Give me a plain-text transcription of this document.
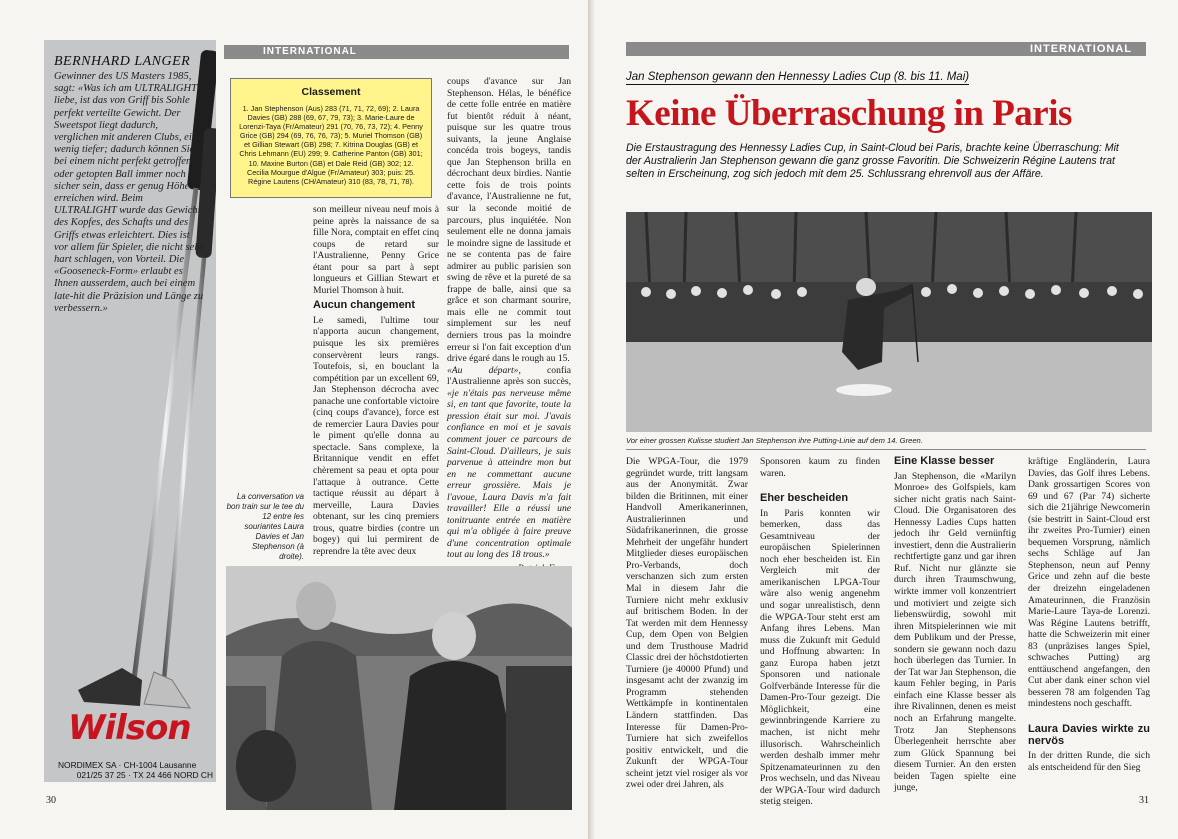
BERNHARD LANGER
Gewinner des US Masters 1985, sagt: «Was ich am ULTRALIGHT liebe, ist das von Griff bis Sohle perfekt verteilte Gewicht. Der Sweetspot liegt dadurch, verglichen mit anderen Clubs, ein wenig tiefer; dadurch können Sie, bei einem nicht perfekt getroffenen oder getopten Ball immer noch sicher sein, dass er genug Höhe erreichen wird. Beim ULTRALIGHT wurde das Gewicht des Kopfes, des Schafts und des Griffs etwas erleichtert. Dies ist vor allem für Spieler, die nicht sehr hart schlagen, von Vorteil. Die «Gooseneck-Form» erlaubt es Ihnen ausserdem, auch bei einem late-hit die Präzision und Länge zu verbessern.»
Wilson
NORDIMEX SA · CH-1004 Lausanne
021/25 37 25 · TX 24 466 NORD CH
INTERNATIONAL
Classement
1. Jan Stephenson (Aus) 283 (71, 71, 72, 69); 2. Laura Davies (GB) 288 (69, 67, 79, 73); 3. Marie-Laure de Lorenzi-Taya (Fr/Amateur) 291 (70, 76, 73, 72); 4. Penny Grice (GB) 294 (69, 76, 76, 73); 5. Muriel Thomson (GB) et Gillian Stewart (GB) 298; 7. Kitrina Douglas (GB) et Chris Lehmann (EU) 299; 9. Catherine Panton (GB) 301; 10. Maxine Burton (GB) et Dale Reid (GB) 302; 12. Cecilia Mourgue d'Algue (Fr/Amateur) 303; puis: 25. Régine Lautens (CH/Amateur) 310 (83, 78, 71, 78).

son meilleur niveau neuf mois à peine après la naissance de sa fille Nora, comptait en effet cinq coups de retard sur l'Australienne, Penny Grice étant pour sa part à sept longueurs et Gillian Stewart et Muriel Thomson à huit.

Aucun changement

Le samedi, l'ultime tour n'apporta aucun changement, puisque les six premières conservèrent leurs rangs. Toutefois, si, en bouclant la compétition par un excellent 69, Jan Stephenson décrocha avec panache une confortable victoire (cinq coups d'avance), force est de remercier Laura Davies pour le piment qu'elle donna au spectacle. Sans complexe, la Britannique vendit en effet chèrement sa peau et opta pour l'attaque à outrance. Cette tactique réussit au départ à merveille, Laura Davies obtenant, sur les cinq premiers trous, quatre birdies (contre un bogey) qui lui permirent de reprendre la tête avec deux

coups d'avance sur Jan Stephenson. Hélas, le bénéfice de cette folle entrée en matière fut bientôt réduit à néant, puisque sur les quatre trous suivants, la jeune Anglaise concéda trois bogeys, tandis que Jan Stephenson brilla en décrochant deux birdies. Nantie cette fois de trois points d'avance, l'Australienne ne fut, sur la seconde moitié de parcours, plus inquiétée. Non seulement elle ne donna jamais le moindre signe de lassitude et ne se contenta pas de faire admirer au public parisien son swing de rêve et la pureté de sa frappe de balle, ainsi que sa grâce et son charmant sourire, mais elle ne commit tout simplement sur les neuf derniers trous pas la moindre erreur si l'on fait exception d'un drive égaré dans le rough au 15.

«Au départ», confia l'Australienne après son succès, «je n'étais pas nerveuse même si, en tant que favorite, toute la pression était sur moi. J'avais confiance en moi et je savais comment jouer ce parcours de Saint-Cloud. D'ailleurs, je suis parvenue à atteindre mon but en ne commettant aucune erreur grossière. Mais je l'avoue, Laura Davis m'a fait travailler! Elle a réussi une tonitruante entrée en matière qui m'a obligée à faire preuve d'une concentration optimale tout au long des 18 trous.»

La conversation va bon train sur le tee du 12 entre les souriantes Laura Davies et Jan Stephenson (à droite).
30
INTERNATIONAL
Jan Stephenson gewann den Hennessy Ladies Cup (8. bis 11. Mai)
Keine Überraschung in Paris
Die Erstaustragung des Hennessy Ladies Cup, in Saint-Cloud bei Paris, brachte keine Überraschung: Mit der Australierin Jan Stephenson gewann die ganz grosse Favoritin. Die Schweizerin Régine Lautens trat selten in Erscheinung, zog sich jedoch mit dem 25. Schlussrang ehrenvoll aus der Affäre.
Vor einer grossen Kulisse studiert Jan Stephenson ihre Putting-Linie auf dem 14. Green.

Die WPGA-Tour, die 1979 gegründet wurde, tritt langsam aus der Anonymität. Zwar bilden die Britinnen, mit einer Handvoll Amerikanerinnen, Australierinnen und Südafrikanerinnen, die grosse Mehrheit der ungefähr hundert Mitglieder dieses europäischen Pro-Verbands, doch verschanzen sich zum ersten Mal in diesem Jahr die Turniere nicht mehr exklusiv auf britischem Boden. In der Tat werden mit dem Hennessy Cup, dem Open von Belgien und dem Trusthouse Madrid Classic drei der höchstdotierten Turniere (je 40000 Pfund) und insgesamt acht der zwanzig im Programm stehenden Wettkämpfe in kontinentalen Ländern stattfinden. Das Interesse für Damen-Pro-Turniere hat sich zweifellos positiv entwickelt, und die Zukunft der WPGA-Tour scheint jetzt viel rosiger als vor zwei oder drei Jahren, als

Sponsoren kaum zu finden waren.

Eher bescheiden

In Paris konnten wir bemerken, dass das Gesamtniveau der europäischen Spielerinnen noch eher bescheiden ist. Ein Vergleich mit der amerikanischen LPGA-Tour wäre also wenig angenehm und sogar unrealistisch, denn die WPGA-Tour steht erst am Anfang ihres Lebens. Man muss die Zukunft mit Geduld und Hoffnung abwarten: In ganz Europa haben jetzt Sponsoren und nationale Golfverbände Interesse für die Damen-Pro-Tour gezeigt. Die Möglichkeit, eine gewinnbringende Karriere zu machen, ist nicht mehr illusorisch. Wahrscheinlich werden deshalb immer mehr Spitzenamateurinnen zu den Pros wechseln, und das Niveau der WPGA-Tour wird dadurch stetig steigen.

Eine Klasse besser

Jan Stephenson, die «Marilyn Monroe» des Golfspiels, kam sicher nicht gratis nach Saint-Cloud. Die Organisatoren des Hennessy Ladies Cups hatten jedoch ihr Geld vernünftig investiert, denn die Australierin rechtfertigte ganz und gar ihren Ruf. Nicht nur glänzte sie durch ihren Traumschwung, wirkte immer voll konzentriert und motiviert und zeigte sich liebenswürdig, sowohl mit ihren Mitspielerinnen wie mit dem Publikum und der Presse, sondern sie gewann noch dazu hoch überlegen das Turnier. In der Tat war Jan Stephenson, die kaum Fehler beging, in Paris einfach eine Klasse besser als ihre Rivalinnen, denen es meist noch an Erfahrung mangelte. Trotz Jan Stephensons Überlegenheit herrschte aber zum Glück Spannung bei diesem Turnier. An den ersten beiden Tagen spielte eine junge,

kräftige Engländerin, Laura Davies, das Golf ihres Lebens. Dank grossartigen Scores von 69 und 67 (Par 74) sicherte sich die 21jährige Newcomerin (sie bestritt in Saint-Cloud erst ihr zweites Pro-Turnier) einen bequemen Vorsprung, nämlich sechs Schläge auf Jan Stephenson, neun auf Penny Grice und zehn auf die beste der dreizehn eingeladenen Amateurinnen, die Französin Marie-Laure Taya-de Lorenzi. Was Régine Lautens betrifft, hatte die Schweizerin mit einer 83 (unpräzises langes Spiel, schwaches Putting) arg enttäuschend angefangen, den Cut aber dank einer schon viel besseren 78 am folgenden Tag mindestens noch geschafft.

Laura Davies wirkte zu nervös

In der dritten Runde, die sich als entscheidend für den Sieg

31
